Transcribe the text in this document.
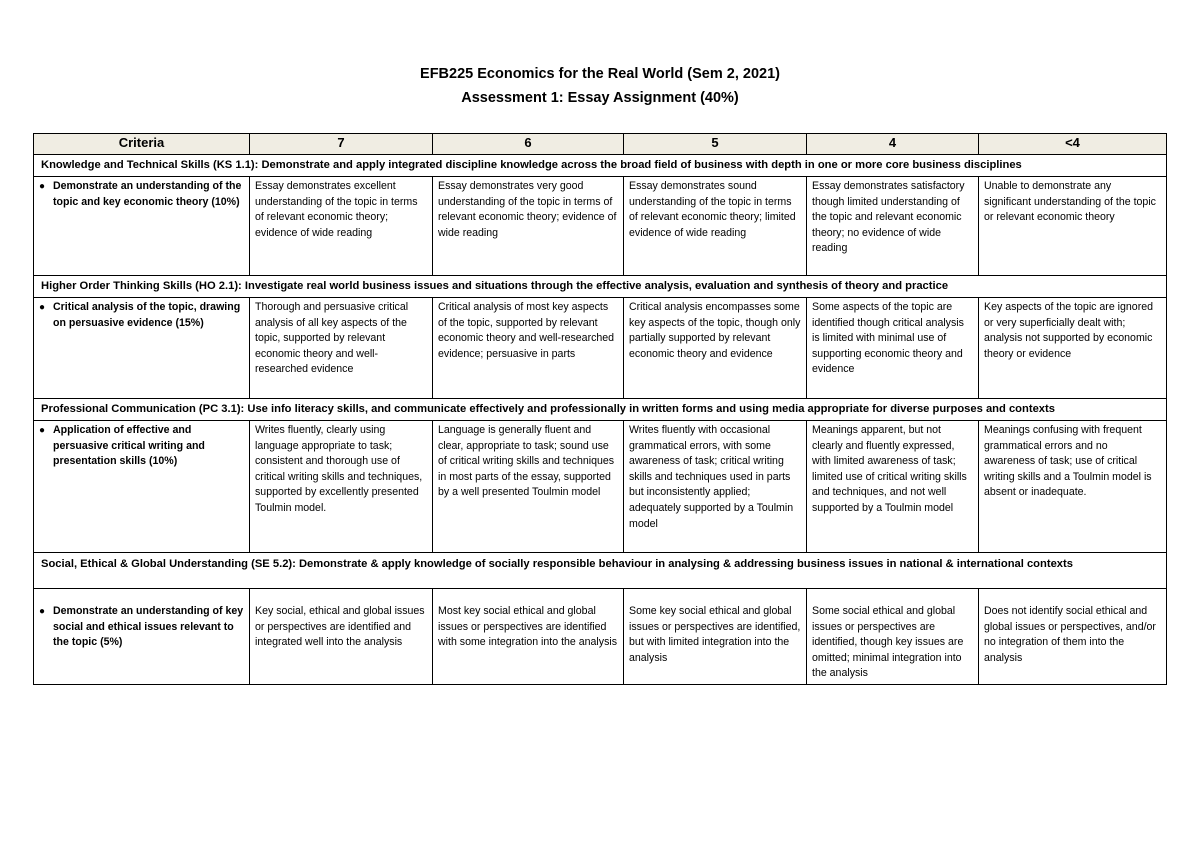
EFB225 Economics for the Real World (Sem 2, 2021)
Assessment 1: Essay Assignment (40%)
Criteria	7	6	5	4	<4
Knowledge and Technical Skills (KS 1.1): Demonstrate and apply integrated discipline knowledge across the broad field of business with depth in one or more core business disciplines					

● Demonstrate an understanding of the topic and key economic theory (10%)	Essay demonstrates excellent understanding of the topic in terms of relevant economic theory; evidence of wide reading	Essay demonstrates very good understanding of the topic in terms of relevant economic theory; evidence of wide reading	Essay demonstrates sound understanding of the topic in terms of relevant economic theory; limited evidence of wide reading	Essay demonstrates satisfactory though limited understanding of the topic and relevant economic theory; no evidence of wide reading	Unable to demonstrate any significant understanding of the topic or relevant economic theory
Higher Order Thinking Skills (HO 2.1): Investigate real world business issues and situations through the effective analysis, evaluation and synthesis of theory and practice					

● Critical analysis of the topic, drawing on persuasive evidence (15%)	Thorough and persuasive critical analysis of all key aspects of the topic, supported by relevant economic theory and well-researched evidence	Critical analysis of most key aspects of the topic, supported by relevant economic theory and well-researched evidence; persuasive in parts	Critical analysis encompasses some key aspects of the topic, though only partially supported by relevant economic theory and evidence	Some aspects of the topic are identified though critical analysis is limited with minimal use of supporting economic theory and evidence	Key aspects of the topic are ignored or very superficially dealt with; analysis not supported by economic theory or evidence
Professional Communication (PC 3.1): Use info literacy skills, and communicate effectively and professionally in written forms and using media appropriate for diverse purposes and contexts					

● Application of effective and persuasive critical writing and presentation skills (10%)	Writes fluently, clearly using language appropriate to task; consistent and thorough use of critical writing skills and techniques, supported by excellently presented Toulmin model.	Language is generally fluent and clear, appropriate to task; sound use of critical writing skills and techniques in most parts of the essay, supported by a well presented Toulmin model	Writes fluently with occasional grammatical errors, with some awareness of task; critical writing skills and techniques used in parts but inconsistently applied; adequately supported by a Toulmin model	Meanings apparent, but not clearly and fluently expressed, with limited awareness of task; limited use of critical writing skills and techniques, and not well supported by a Toulmin model	Meanings confusing with frequent grammatical errors and no awareness of task; use of critical writing skills and a Toulmin model is absent or inadequate.
Social, Ethical & Global Understanding (SE 5.2): Demonstrate & apply knowledge of socially responsible behaviour in analysing & addressing business issues in national & international contexts					

● Demonstrate an understanding of key social and ethical issues relevant to the topic (5%)	Key social, ethical and global issues or perspectives are identified and integrated well into the analysis	Most key social ethical and global issues or perspectives are identified with some integration into the analysis	Some key social ethical and global issues or perspectives are identified, but with limited integration into the analysis	Some social ethical and global issues or perspectives are identified, though key issues are omitted; minimal integration into the analysis	Does not identify social ethical and global issues or perspectives, and/or no integration of them into the analysis
